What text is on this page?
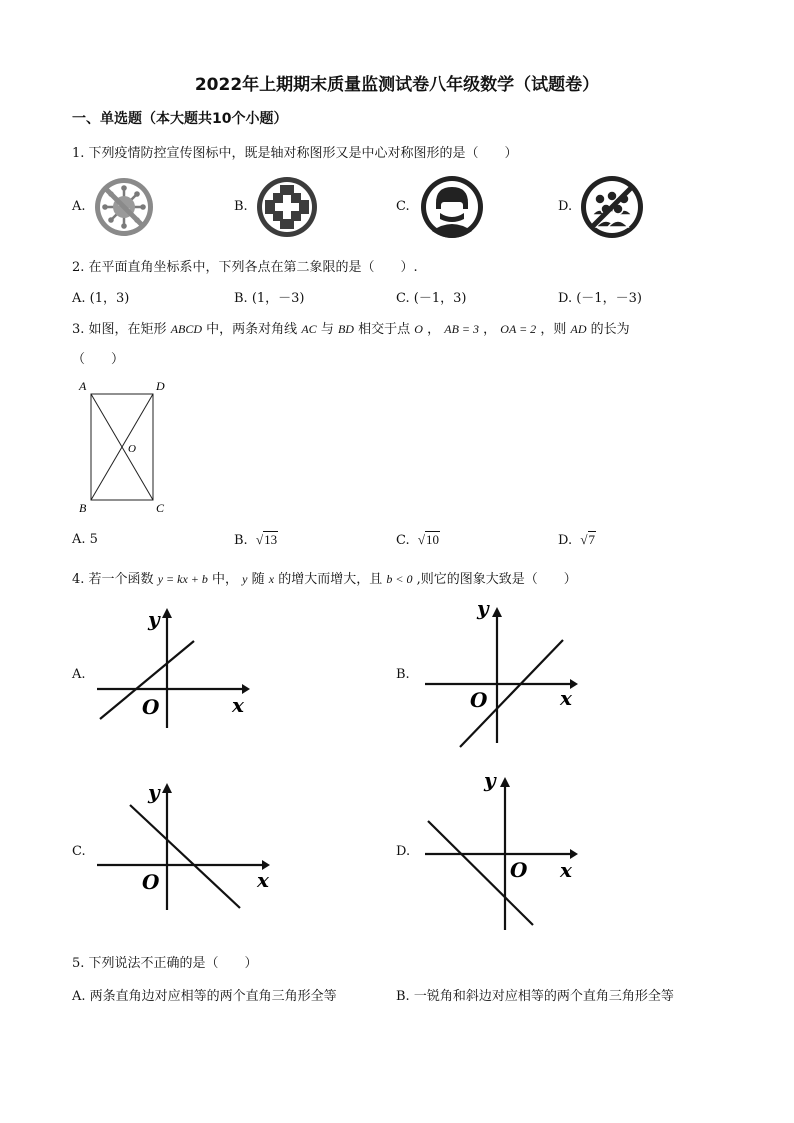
2022年上期期末质量监测试卷八年级数学（试题卷）
一、单选题（本大题共10个小题）
1. 下列疫情防控宣传图标中，既是轴对称图形又是中心对称图形的是（　　）
A.	B.	C.	D.
2. 在平面直角坐标系中，下列各点在第二象限的是（　　）.
A. (1，3)	B. (1，－3)	C. (－1，3)	D. (－1，－3)
3. 如图，在矩形 ABCD 中，两条对角线 AC 与 BD 相交于点 O ， AB = 3 ， OA = 2 ，则 AD 的长为
（　　）
A	D
B	C
O
A. 5	B. √13	C. √10	D. √7
4. 若一个函数 y = kx + b 中， y 随 x 的增大而增大，且 b < 0 ,则它的图象大致是（　　）
A.
y
x
O
B.
y
x
O
C.
y
x
O
D.
y
x
O
5. 下列说法不正确的是（　　）
A. 两条直角边对应相等的两个直角三角形全等	B. 一锐角和斜边对应相等的两个直角三角形全等
